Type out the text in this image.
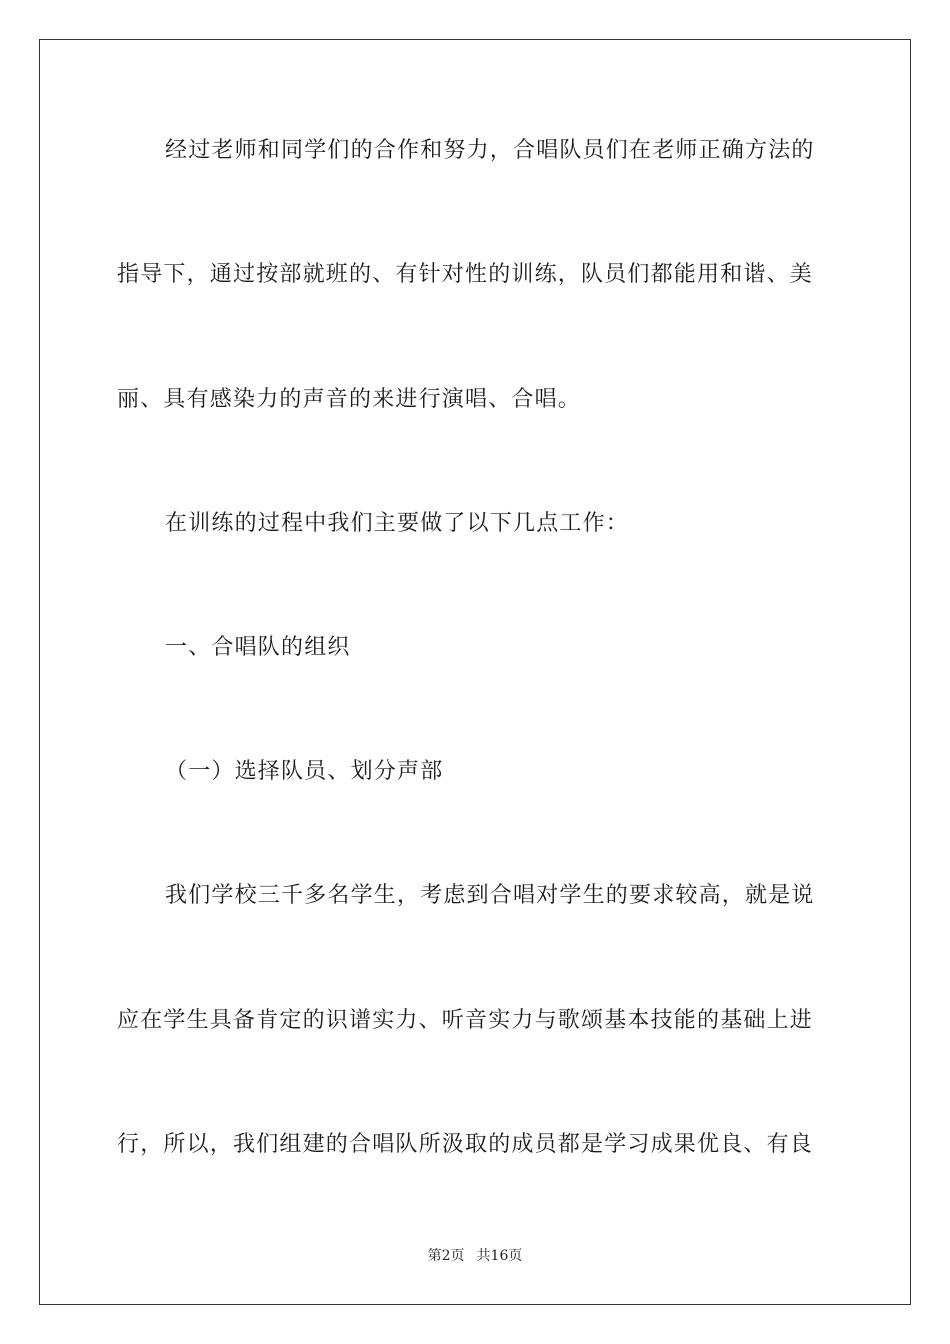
经过老师和同学们的合作和努力，合唱队员们在老师正确方法的
指导下，通过按部就班的、有针对性的训练，队员们都能用和谐、美
丽、具有感染力的声音的来进行演唱、合唱。
在训练的过程中我们主要做了以下几点工作：
一、合唱队的组织
（一）选择队员、划分声部
我们学校三千多名学生，考虑到合唱对学生的要求较高，就是说
应在学生具备肯定的识谱实力、听音实力与歌颂基本技能的基础上进
行，所以，我们组建的合唱队所汲取的成员都是学习成果优良、有良
第2页 共16页
